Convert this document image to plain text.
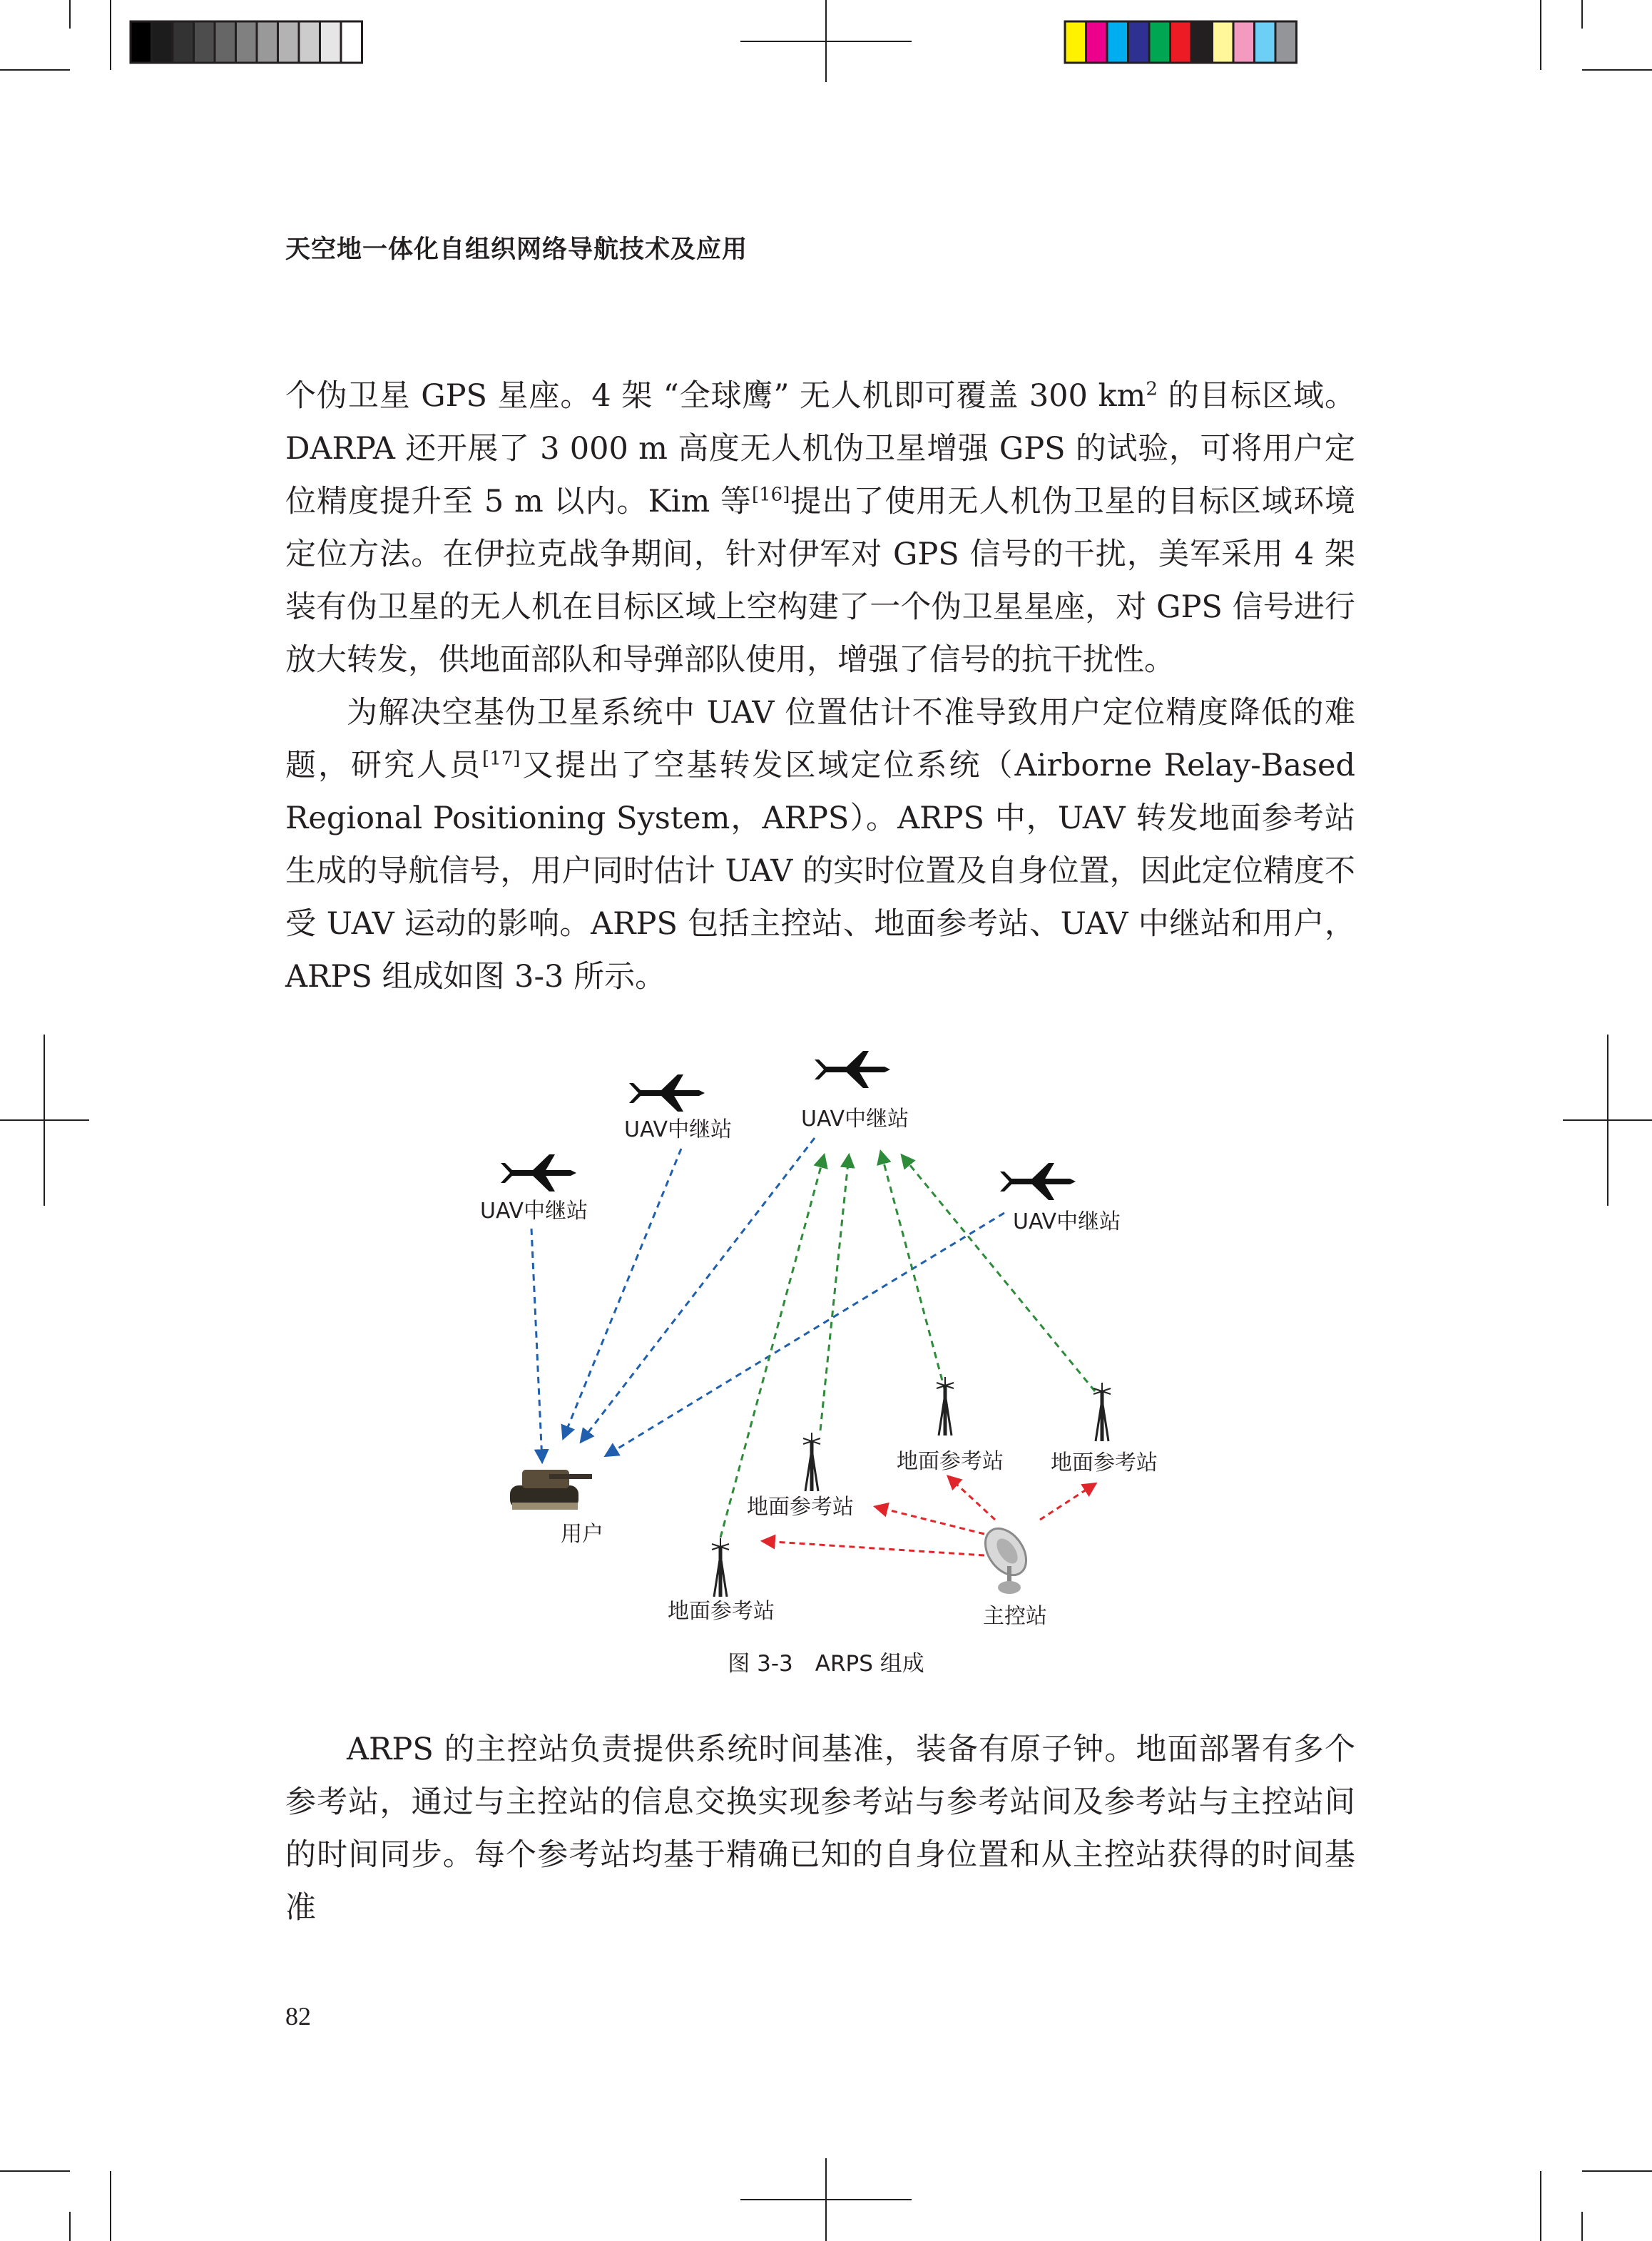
天空地一体化自组织网络导航技术及应用

个伪卫星 GPS 星座。4 架 “全球鹰” 无人机即可覆盖 300 $km^2$ 的目标区域。DARPA 还开展了 3 000 m 高度无人机伪卫星增强 GPS 的试验，可将用户定位精度提升至 5 m 以内。Kim 等[16]提出了使用无人机伪卫星的目标区域环境定位方法。在伊拉克战争期间，针对伊军对 GPS 信号的干扰，美军采用 4 架装有伪卫星的无人机在目标区域上空构建了一个伪卫星星座，对 GPS 信号进行放大转发，供地面部队和导弹部队使用，增强了信号的抗干扰性。

为解决空基伪卫星系统中 UAV 位置估计不准导致用户定位精度降低的难题，研究人员[17]又提出了空基转发区域定位系统（Airborne Relay-Based Regional Positioning System，ARPS）。ARPS 中，UAV 转发地面参考站生成的导航信号，用户同时估计 UAV 的实时位置及自身位置，因此定位精度不受 UAV 运动的影响。ARPS 包括主控站、地面参考站、UAV 中继站和用户，ARPS 组成如图 3-3 所示。

UAV中继站	UAV中继站
UAV中继站	UAV中继站
地面参考站
地面参考站
地面参考站 地面参考站
用户
主控站
图 3-3　ARPS 组成

ARPS 的主控站负责提供系统时间基准，装备有原子钟。地面部署有多个参考站，通过与主控站的信息交换实现参考站与参考站间及参考站与主控站间的时间同步。每个参考站均基于精确已知的自身位置和从主控站获得的时间基准

82
